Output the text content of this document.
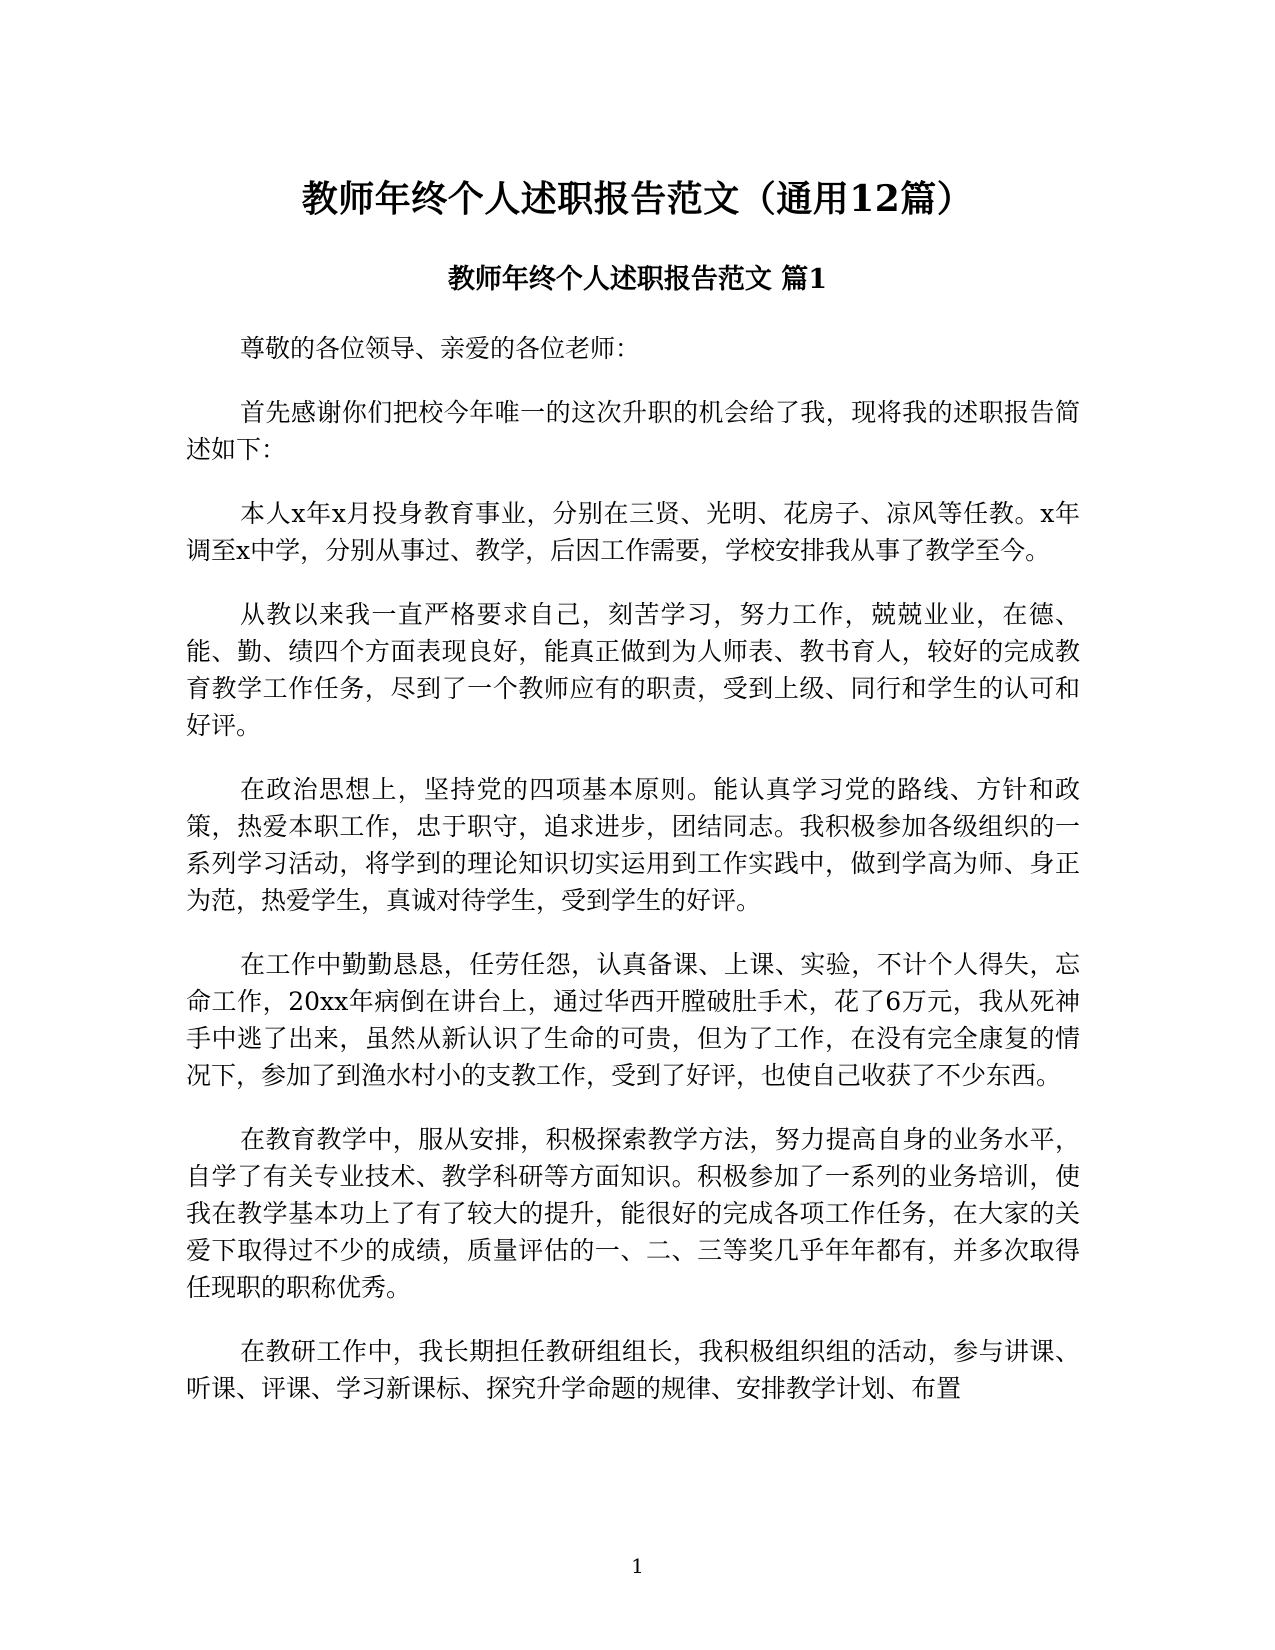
教师年终个人述职报告范文（通用12篇）
教师年终个人述职报告范文 篇1

尊敬的各位领导、亲爱的各位老师：

首先感谢你们把校今年唯一的这次升职的机会给了我，现将我的述职报告简述如下：

本人x年x月投身教育事业，分别在三贤、光明、花房子、凉风等任教。x年调至x中学，分别从事过、教学，后因工作需要，学校安排我从事了教学至今。

从教以来我一直严格要求自己，刻苦学习，努力工作，兢兢业业，在德、能、勤、绩四个方面表现良好，能真正做到为人师表、教书育人，较好的完成教育教学工作任务，尽到了一个教师应有的职责，受到上级、同行和学生的认可和好评。

在政治思想上，坚持党的四项基本原则。能认真学习党的路线、方针和政策，热爱本职工作，忠于职守，追求进步，团结同志。我积极参加各级组织的一系列学习活动，将学到的理论知识切实运用到工作实践中，做到学高为师、身正为范，热爱学生，真诚对待学生，受到学生的好评。

在工作中勤勤恳恳，任劳任怨，认真备课、上课、实验，不计个人得失，忘命工作，20xx年病倒在讲台上，通过华西开膛破肚手术，花了6万元，我从死神手中逃了出来，虽然从新认识了生命的可贵，但为了工作，在没有完全康复的情况下，参加了到渔水村小的支教工作，受到了好评，也使自己收获了不少东西。

在教育教学中，服从安排，积极探索教学方法，努力提高自身的业务水平，自学了有关专业技术、教学科研等方面知识。积极参加了一系列的业务培训，使我在教学基本功上了有了较大的提升，能很好的完成各项工作任务，在大家的关爱下取得过不少的成绩，质量评估的一、二、三等奖几乎年年都有，并多次取得任现职的职称优秀。

在教研工作中，我长期担任教研组组长，我积极组织组的活动，参与讲课、听课、评课、学习新课标、探究升学命题的规律、安排教学计划、布置

1
